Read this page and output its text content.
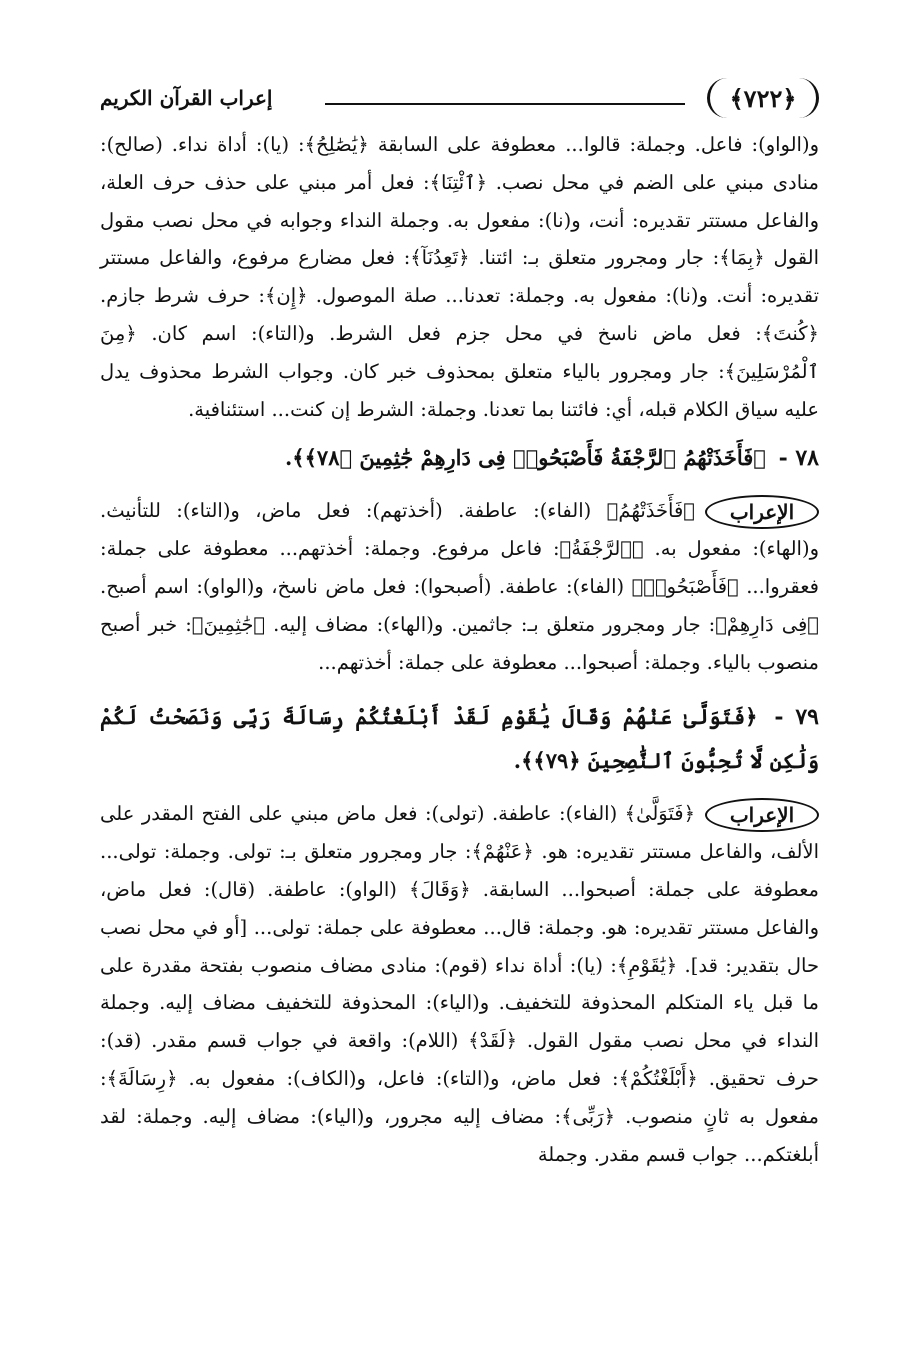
﴿٧٢٢﴾
إعراب القرآن الكريم

و(الواو): فاعل. وجملة: قالوا... معطوفة على السابقة ﴿يَٰصَٰلِحُ﴾: (يا): أداة نداء. (صالح): منادى مبني على الضم في محل نصب. ﴿ٱئْتِنَا﴾: فعل أمر مبني على حذف حرف العلة، والفاعل مستتر تقديره: أنت، و(نا): مفعول به. وجملة النداء وجوابه في محل نصب مقول القول ﴿بِمَا﴾: جار ومجرور متعلق بـ: ائتنا. ﴿تَعِدُنَآ﴾: فعل مضارع مرفوع، والفاعل مستتر تقديره: أنت. و(نا): مفعول به. وجملة: تعدنا... صلة الموصول. ﴿إِن﴾: حرف شرط جازم. ﴿كُنتَ﴾: فعل ماض ناسخ في محل جزم فعل الشرط. و(التاء): اسم كان. ﴿مِنَ ٱلْمُرْسَلِينَ﴾: جار ومجرور بالياء متعلق بمحذوف خبر كان. وجواب الشرط محذوف يدل عليه سياق الكلام قبله، أي: فائتنا بما تعدنا. وجملة: الشرط إن كنت... استئنافية.

٧٨ - ﴿فَأَخَذَتْهُمُ ٱلرَّجْفَةُ فَأَصْبَحُوا۟ فِى دَارِهِمْ جَٰثِمِينَ ﴿٧٨﴾﴾.
الإعراب﴿فَأَخَذَتْهُمُ﴾ (الفاء): عاطفة. (أخذتهم): فعل ماض، و(التاء): للتأنيث. و(الهاء): مفعول به. ﴿ٱلرَّجْفَةُ﴾: فاعل مرفوع. وجملة: أخذتهم... معطوفة على جملة: فعقروا... ﴿فَأَصْبَحُوا۟﴾ (الفاء): عاطفة. (أصبحوا): فعل ماض ناسخ، و(الواو): اسم أصبح. ﴿فِى دَارِهِمْ﴾: جار ومجرور متعلق بـ: جاثمين. و(الهاء): مضاف إليه. ﴿جَٰثِمِينَ﴾: خبر أصبح منصوب بالياء. وجملة: أصبحوا... معطوفة على جملة: أخذتهم...
٧٩ - ﴿فَتَوَلَّىٰ عَنْهُمْ وَقَالَ يَٰقَوْمِ لَقَدْ أَبْلَغْتُكُمْ رِسَالَةَ رَبِّى وَنَصَحْتُ لَكُمْ وَلَٰكِن لَّا تُحِبُّونَ ٱلنَّٰصِحِينَ ﴿٧٩﴾﴾.
الإعراب﴿فَتَوَلَّىٰ﴾ (الفاء): عاطفة. (تولى): فعل ماض مبني على الفتح المقدر على الألف، والفاعل مستتر تقديره: هو. ﴿عَنْهُمْ﴾: جار ومجرور متعلق بـ: تولى. وجملة: تولى... معطوفة على جملة: أصبحوا... السابقة. ﴿وَقَالَ﴾ (الواو): عاطفة. (قال): فعل ماض، والفاعل مستتر تقديره: هو. وجملة: قال... معطوفة على جملة: تولى... [أو في محل نصب حال بتقدير: قد]. ﴿يَٰقَوْمِ﴾: (يا): أداة نداء (قوم): منادى مضاف منصوب بفتحة مقدرة على ما قبل ياء المتكلم المحذوفة للتخفيف. و(الياء): المحذوفة للتخفيف مضاف إليه. وجملة النداء في محل نصب مقول القول. ﴿لَقَدْ﴾ (اللام): واقعة في جواب قسم مقدر. (قد): حرف تحقيق. ﴿أَبْلَغْتُكُمْ﴾: فعل ماض، و(التاء): فاعل، و(الكاف): مفعول به. ﴿رِسَالَةَ﴾: مفعول به ثانٍ منصوب. ﴿رَبِّى﴾: مضاف إليه مجرور، و(الياء): مضاف إليه. وجملة: لقد أبلغتكم... جواب قسم مقدر. وجملة
